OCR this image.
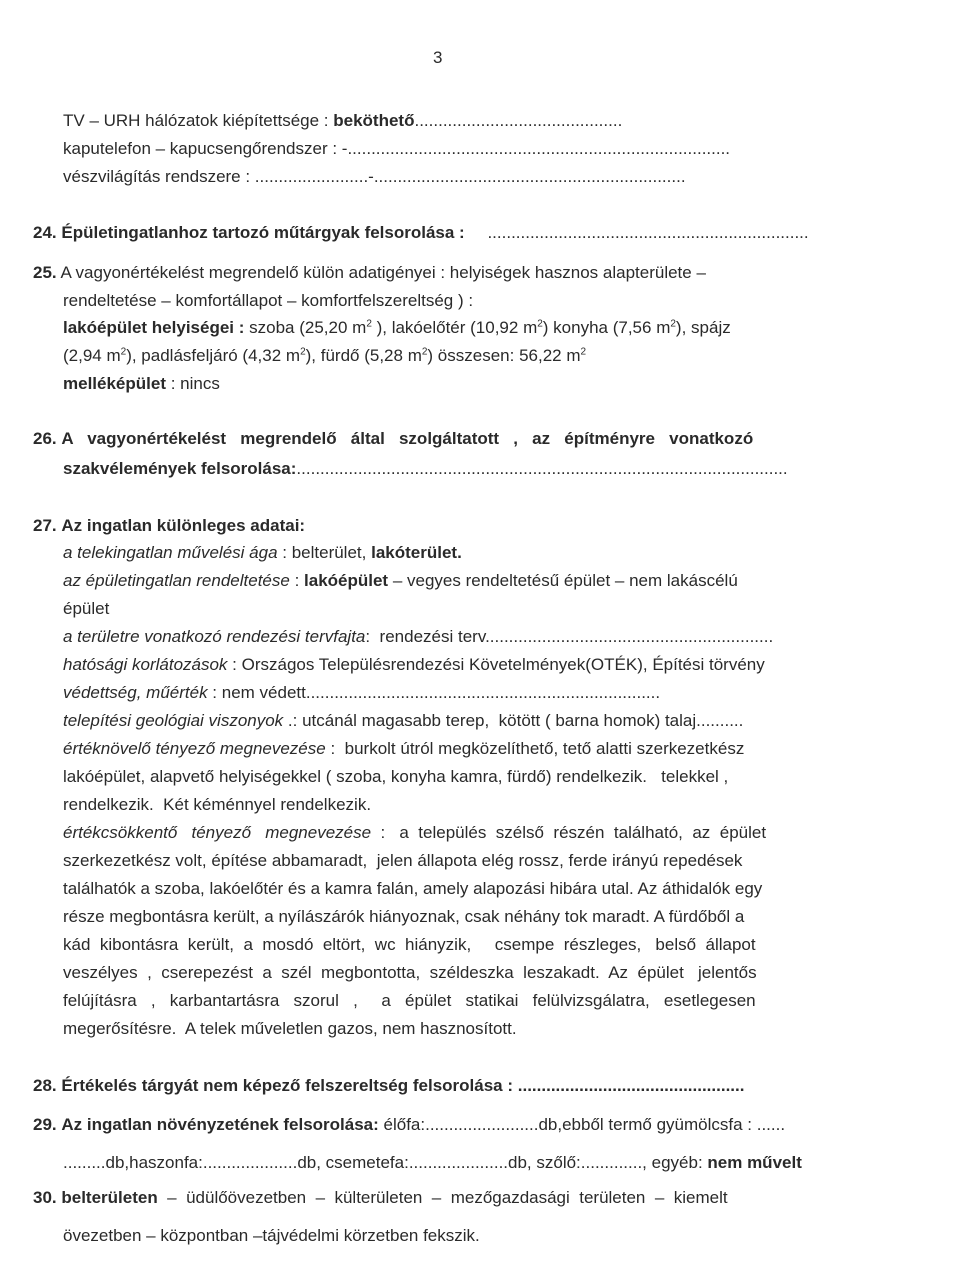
3
TV – URH hálózatok kiépítettsége : beköthető............................................
kaputelefon – kapucsengőrendszer : -.................................................................................
vészvilágítás rendszere : ........................-..................................................................
24. Épületingatlanhoz tartozó műtárgyak felsorolása : ....................................................................
25. A vagyonértékelést megrendelő külön adatigényei : helyiségek hasznos alapterülete –
rendeltetése – komfortállapot – komfortfelszereltség ) :
lakóépület helyiségei : szoba (25,20 $m^2$ ), lakóelőtér (10,92 $m^2$) konyha (7,56 $m^2$), spájz
(2,94 $m^2$), padlásfeljáró (4,32 $m^2$), fürdő (5,28 $m^2$) összesen: 56,22 $m^2$
melléképület : nincs
26. A   vagyonértékelést   megrendelő   által   szolgáltatott   ,   az   építményre   vonatkozó
szakvélemények felsorolása:........................................................................................................
27. Az ingatlan különleges adatai:
a telekingatlan művelési ága : belterület, lakóterület.
az épületingatlan rendeltetése : lakóépület – vegyes rendeltetésű épület – nem lakáscélú
épület
a területre vonatkozó rendezési tervfajta:  rendezési terv.............................................................
hatósági korlátozások : Országos Településrendezési Követelmények(OTÉK), Építési törvény
védettség, műérték : nem védett...........................................................................
telepítési geológiai viszonyok .: utcánál magasabb terep,  kötött ( barna homok) talaj..........
értéknövelő tényező megnevezése :  burkolt útról megközelíthető, tető alatti szerkezetkész
lakóépület, alapvető helyiségekkel ( szoba, konyha kamra, fürdő) rendelkezik.   telekkel ,
rendelkezik.  Két kéménnyel rendelkezik.
értékcsökkentő   tényező   megnevezése  :   a  település  szélső  részén  található,  az  épület
szerkezetkész volt, építése abbamaradt,  jelen állapota elég rossz, ferde irányú repedések
találhatók a szoba, lakóelőtér és a kamra falán, amely alapozási hibára utal. Az áthidalók egy
része megbontásra került, a nyílászárók hiányoznak, csak néhány tok maradt. A fürdőből a
kád  kibontásra  került,  a  mosdó  eltört,  wc  hiányzik,     csempe  részleges,   belső  állapot
veszélyes  ,  cserepezést  a  szél  megbontotta,  széldeszka  leszakadt.  Az  épület   jelentős
felújításra   ,   karbantartásra   szorul   ,     a   épület   statikai   felülvizsgálatra,   esetlegesen
megerősítésre.  A telek műveletlen gazos, nem hasznosított.
28. Értékelés tárgyát nem képező felszereltség felsorolása : ................................................
29. Az ingatlan növényzetének felsorolása: élőfa:........................db,ebből termő gyümölcsfa : ......
.........db,haszonfa:....................db, csemetefa:.....................db, szőlő:............., egyéb: nem művelt
30. belterületen  –  üdülőövezetben  –  külterületen  –  mezőgazdasági  területen  –  kiemelt
övezetben – központban –tájvédelmi körzetben fekszik.
